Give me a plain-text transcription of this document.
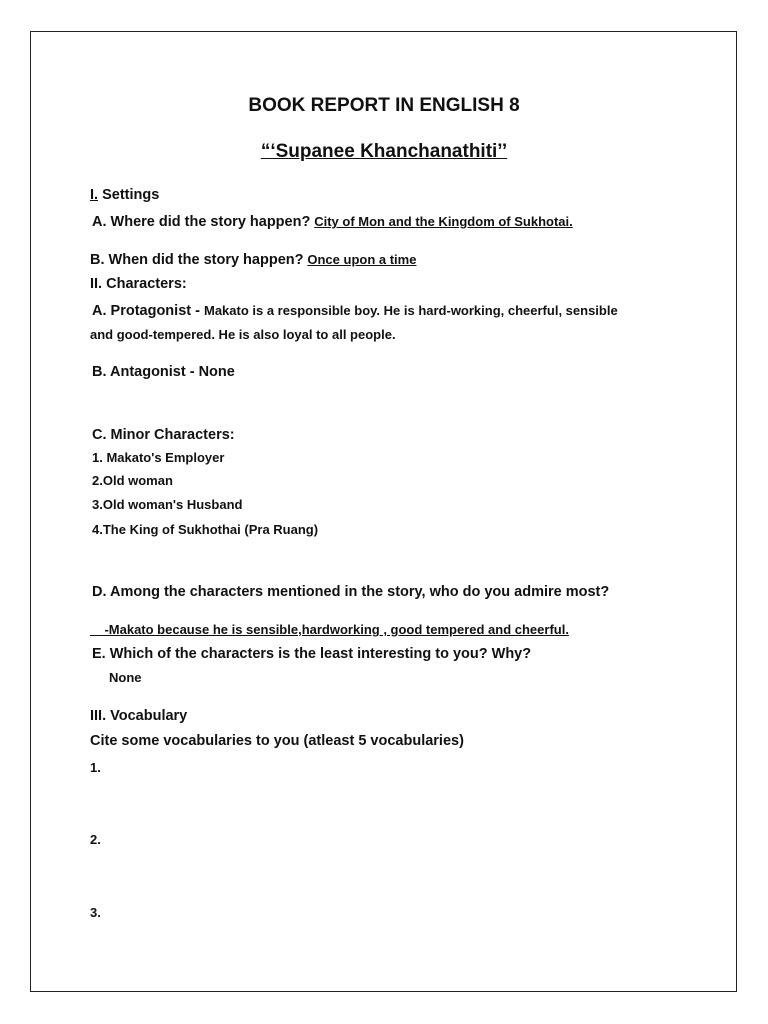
BOOK REPORT IN ENGLISH 8
“‘Supanee Khanchanathiti’’
I. Settings
A. Where did the story happen? City of Mon and the Kingdom of Sukhotai.
B. When did the story happen? Once upon a time
II. Characters:
A. Protagonist - Makato is a responsible boy. He is hard-working, cheerful, sensible
and good-tempered. He is also loyal to all people.
B. Antagonist - None
C. Minor Characters:
1. Makato's Employer
2.Old woman
3.Old woman's Husband
4.The King of Sukhothai (Pra Ruang)
D. Among the characters mentioned in the story, who do you admire most?
-Makato because he is sensible,hardworking , good tempered and cheerful.
E. Which of the characters is the least interesting to you? Why?
None
III. Vocabulary
Cite some vocabularies to you (atleast 5 vocabularies)
1.
2.
3.
